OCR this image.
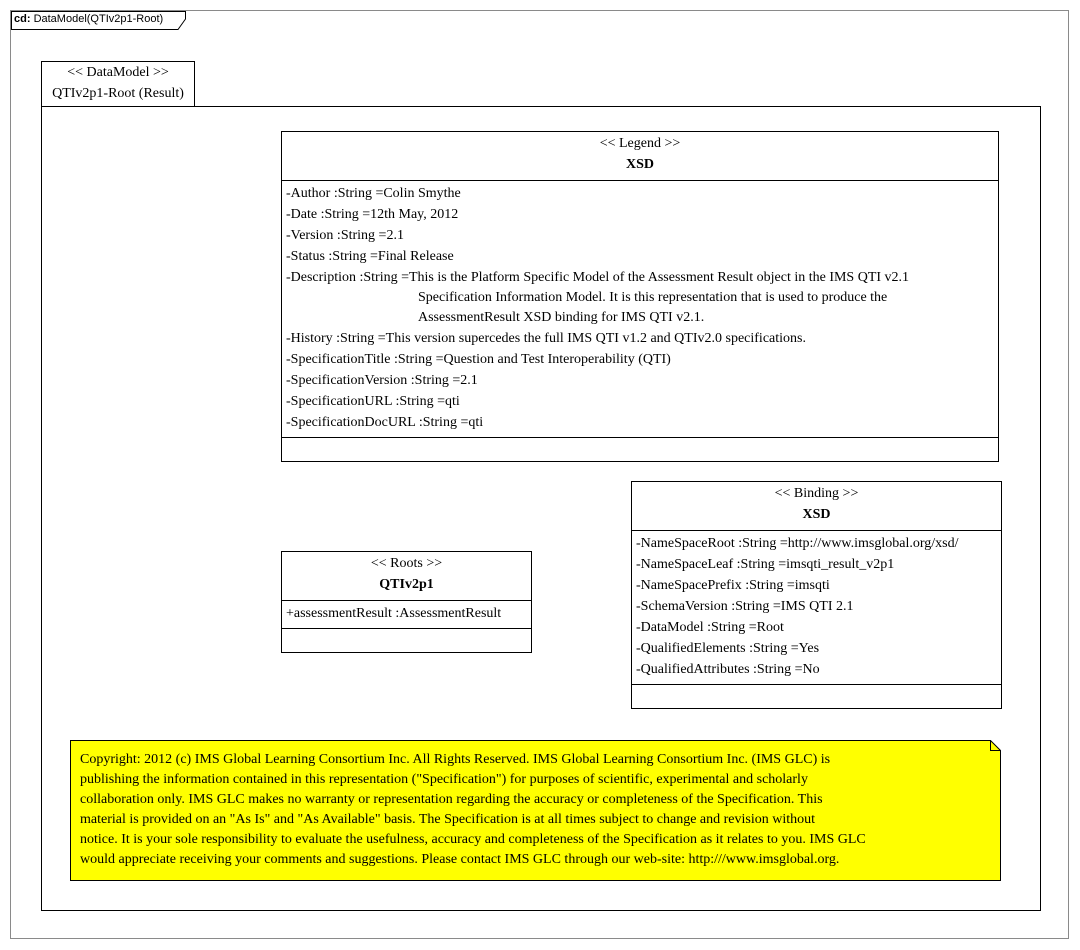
cd: DataModel(QTIv2p1-Root)
<< DataModel >>
QTIv2p1-Root (Result)
<< Legend >>
XSD
-Author :String =Colin Smythe
-Date :String =12th May, 2012
-Version :String =2.1
-Status :String =Final Release
-Description :String =This is the Platform Specific Model of the Assessment Result object in the IMS QTI v2.1
Specification Information Model. It is this representation that is used to produce the
AssessmentResult XSD binding for IMS QTI v2.1.
-History :String =This version supercedes the full IMS QTI v1.2 and QTIv2.0 specifications.
-SpecificationTitle :String =Question and Test Interoperability (QTI)
-SpecificationVersion :String =2.1
-SpecificationURL :String =qti
-SpecificationDocURL :String =qti
<< Roots >>
QTIv2p1
+assessmentResult :AssessmentResult
<< Binding >>
XSD
-NameSpaceRoot :String =http://www.imsglobal.org/xsd/
-NameSpaceLeaf :String =imsqti_result_v2p1
-NameSpacePrefix :String =imsqti
-SchemaVersion :String =IMS QTI 2.1
-DataModel :String =Root
-QualifiedElements :String =Yes
-QualifiedAttributes :String =No
Copyright: 2012 (c) IMS Global Learning Consortium Inc. All Rights Reserved. IMS Global Learning Consortium Inc. (IMS GLC) is
publishing the information contained in this representation ("Specification") for purposes of scientific, experimental and scholarly
collaboration only. IMS GLC makes no warranty or representation regarding the accuracy or completeness of the Specification. This
material is provided on an "As Is" and "As Available" basis. The Specification is at all times subject to change and revision without
notice. It is your sole responsibility to evaluate the usefulness, accuracy and completeness of the Specification as it relates to you. IMS GLC
would appreciate receiving your comments and suggestions. Please contact IMS GLC through our web-site: http:///www.imsglobal.org.
